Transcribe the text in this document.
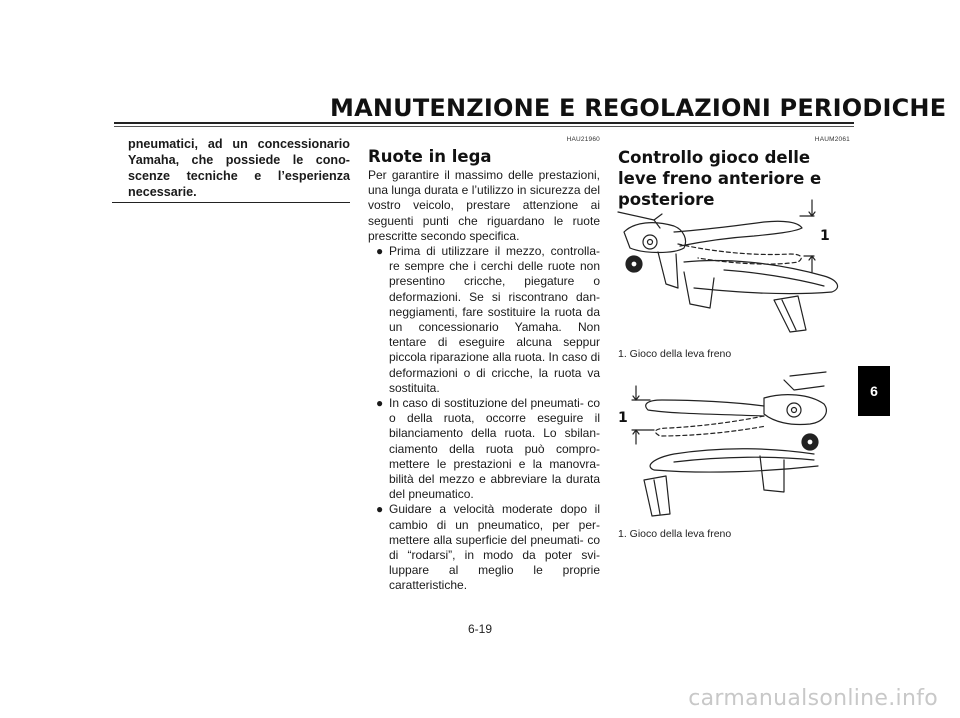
MANUTENZIONE E REGOLAZIONI PERIODICHE
6

pneumatici, ad un concessionario Yamaha, che possiede le cono- scenze tecniche e l’esperienza necessarie.

HAU21960
Ruote in lega

Per garantire il massimo delle prestazioni, una lunga durata e l’utilizzo in sicurezza del vostro veicolo, prestare attenzione ai seguenti punti che riguardano le ruote prescritte secondo specifica.

● Prima di utilizzare il mezzo, controlla- re sempre che i cerchi delle ruote non presentino cricche, piegature o deformazioni. Se si riscontrano dan- neggiamenti, fare sostituire la ruota da un concessionario Yamaha. Non tentare di eseguire alcuna seppur piccola riparazione alla ruota. In caso di deformazioni o di cricche, la ruota va sostituita.

● In caso di sostituzione del pneumati- co o della ruota, occorre eseguire il bilanciamento della ruota. Lo sbilan- ciamento della ruota può compro- mettere le prestazioni e la manovra- bilità del mezzo e abbreviare la durata del pneumatico.

● Guidare a velocità moderate dopo il cambio di un pneumatico, per per- mettere alla superficie del pneumati- co di “rodarsi”, in modo da poter svi- luppare al meglio le proprie caratteristiche.

HAUM2061
Controllo gioco delle leve freno anteriore e posteriore
1
1. Gioco della leva freno
1
1. Gioco della leva freno
6-19
carmanualsonline.info
